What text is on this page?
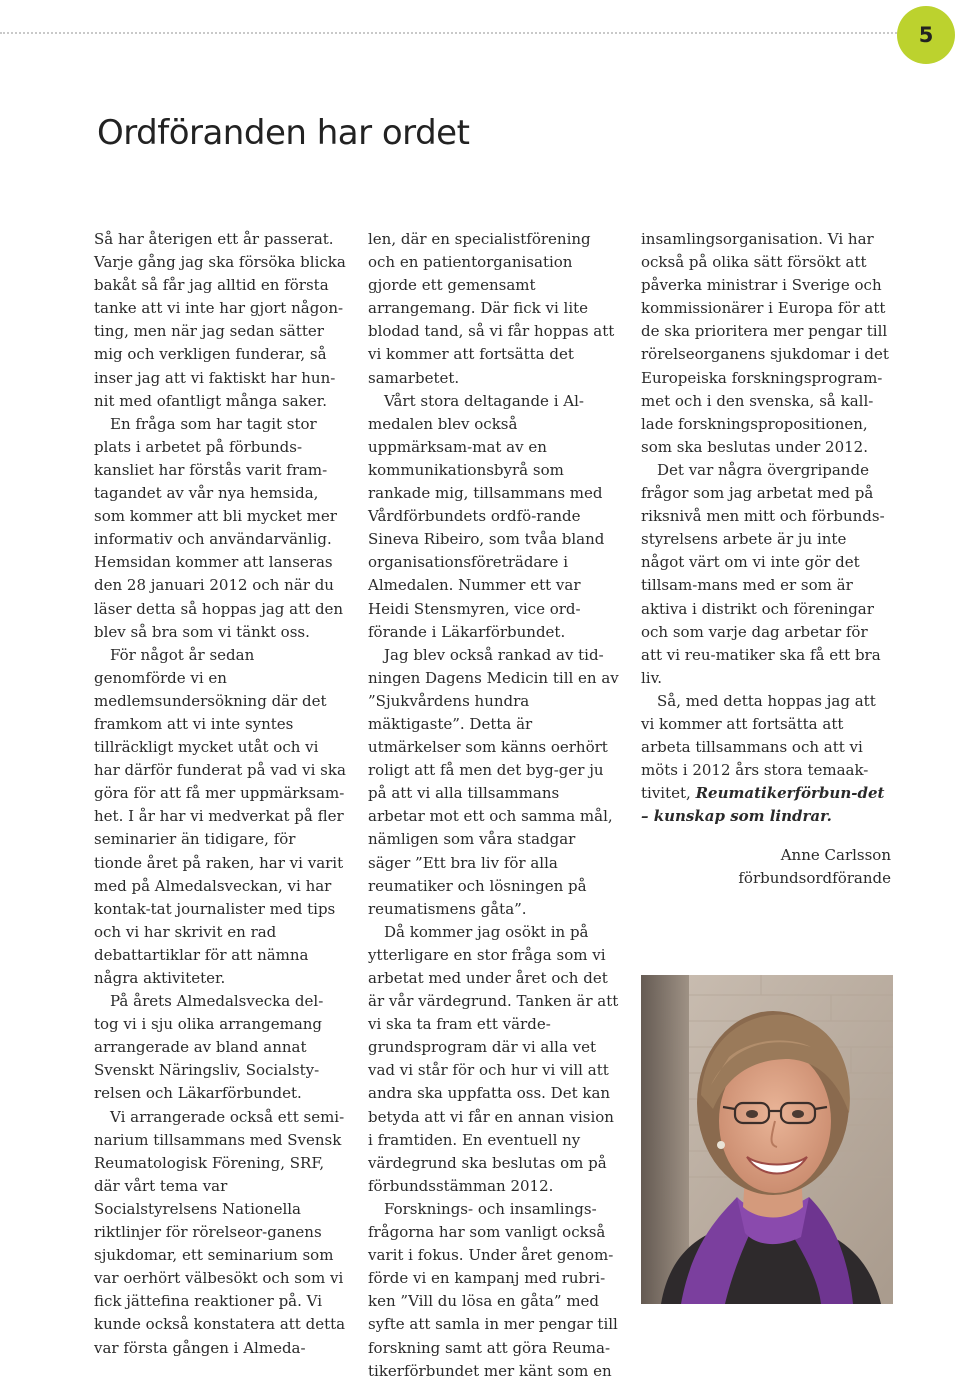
5
Ordföranden har ordet

Så har återigen ett år passerat. Varje gång jag ska försöka blicka bakåt så får jag alltid en första tanke att vi inte har gjort någon-ting, men när jag sedan sätter mig och verkligen funderar, så inser jag att vi faktiskt har hun-nit med ofantligt många saker.

En fråga som har tagit stor plats i arbetet på förbunds-kansliet har förstås varit fram-tagandet av vår nya hemsida, som kommer att bli mycket mer informativ och användarvänlig. Hemsidan kommer att lanseras den 28 januari 2012 och när du läser detta så hoppas jag att den blev så bra som vi tänkt oss.

För något år sedan genomförde vi en medlemsundersökning där det framkom att vi inte syntes tillräckligt mycket utåt och vi har därför funderat på vad vi ska göra för att få mer uppmärksam-het. I år har vi medverkat på fler seminarier än tidigare, för tionde året på raken, har vi varit med på Almedalsveckan, vi har kontak-tat journalister med tips och vi har skrivit en rad debattartiklar för att nämna några aktiviteter.

På årets Almedalsvecka del-tog vi i sju olika arrangemang arrangerade av bland annat Svenskt Näringsliv, Socialsty-relsen och Läkarförbundet.

Vi arrangerade också ett semi-narium tillsammans med Svensk Reumatologisk Förening, SRF, där vårt tema var Socialstyrelsens Nationella riktlinjer för rörelseor-ganens sjukdomar, ett seminarium som var oerhört välbesökt och som vi fick jättefina reaktioner på. Vi kunde också konstatera att detta var första gången i Almeda-

len, där en specialistförening och en patientorganisation gjorde ett gemensamt arrangemang. Där fick vi lite blodad tand, så vi får hoppas att vi kommer att fortsätta det samarbetet.

Vårt stora deltagande i Al-medalen blev också uppmärksam-mat av en kommunikationsbyrå som rankade mig, tillsammans med Vårdförbundets ordfö-rande Sineva Ribeiro, som tvåa bland organisationsföreträdare i Almedalen. Nummer ett var Heidi Stensmyren, vice ord-förande i Läkarförbundet.

Jag blev också rankad av tid-ningen Dagens Medicin till en av ”Sjukvårdens hundra mäktigaste”. Detta är utmärkelser som känns oerhört roligt att få men det byg-ger ju på att vi alla tillsammans arbetar mot ett och samma mål, nämligen som våra stadgar säger ”Ett bra liv för alla reumatiker och lösningen på reumatismens gåta”.

Då kommer jag osökt in på ytterligare en stor fråga som vi arbetat med under året och det är vår värdegrund. Tanken är att vi ska ta fram ett värde-grundsprogram där vi alla vet vad vi står för och hur vi vill att andra ska uppfatta oss. Det kan betyda att vi får en annan vision i framtiden. En eventuell ny värdegrund ska beslutas om på förbundsstämman 2012.

Forsknings- och insamlings-frågorna har som vanligt också varit i fokus. Under året genom-förde vi en kampanj med rubri-ken ”Vill du lösa en gåta” med syfte att samla in mer pengar till forskning samt att göra Reuma-tikerförbundet mer känt som en

insamlingsorganisation. Vi har också på olika sätt försökt att påverka ministrar i Sverige och kommissionärer i Europa för att de ska prioritera mer pengar till rörelseorganens sjukdomar i det Europeiska forskningsprogram-met och i den svenska, så kall-lade forskningspropositionen, som ska beslutas under 2012.

Det var några övergripande frågor som jag arbetat med på riksnivå men mitt och förbunds-styrelsens arbete är ju inte något värt om vi inte gör det tillsam-mans med er som är aktiva i distrikt och föreningar och som varje dag arbetar för att vi reu-matiker ska få ett bra liv.

Så, med detta hoppas jag att vi kommer att fortsätta att arbeta tillsammans och att vi möts i 2012 års stora temaak-tivitet, Reumatikerförbun-det – kunskap som lindrar.

Anne Carlsson
förbundsordförande
